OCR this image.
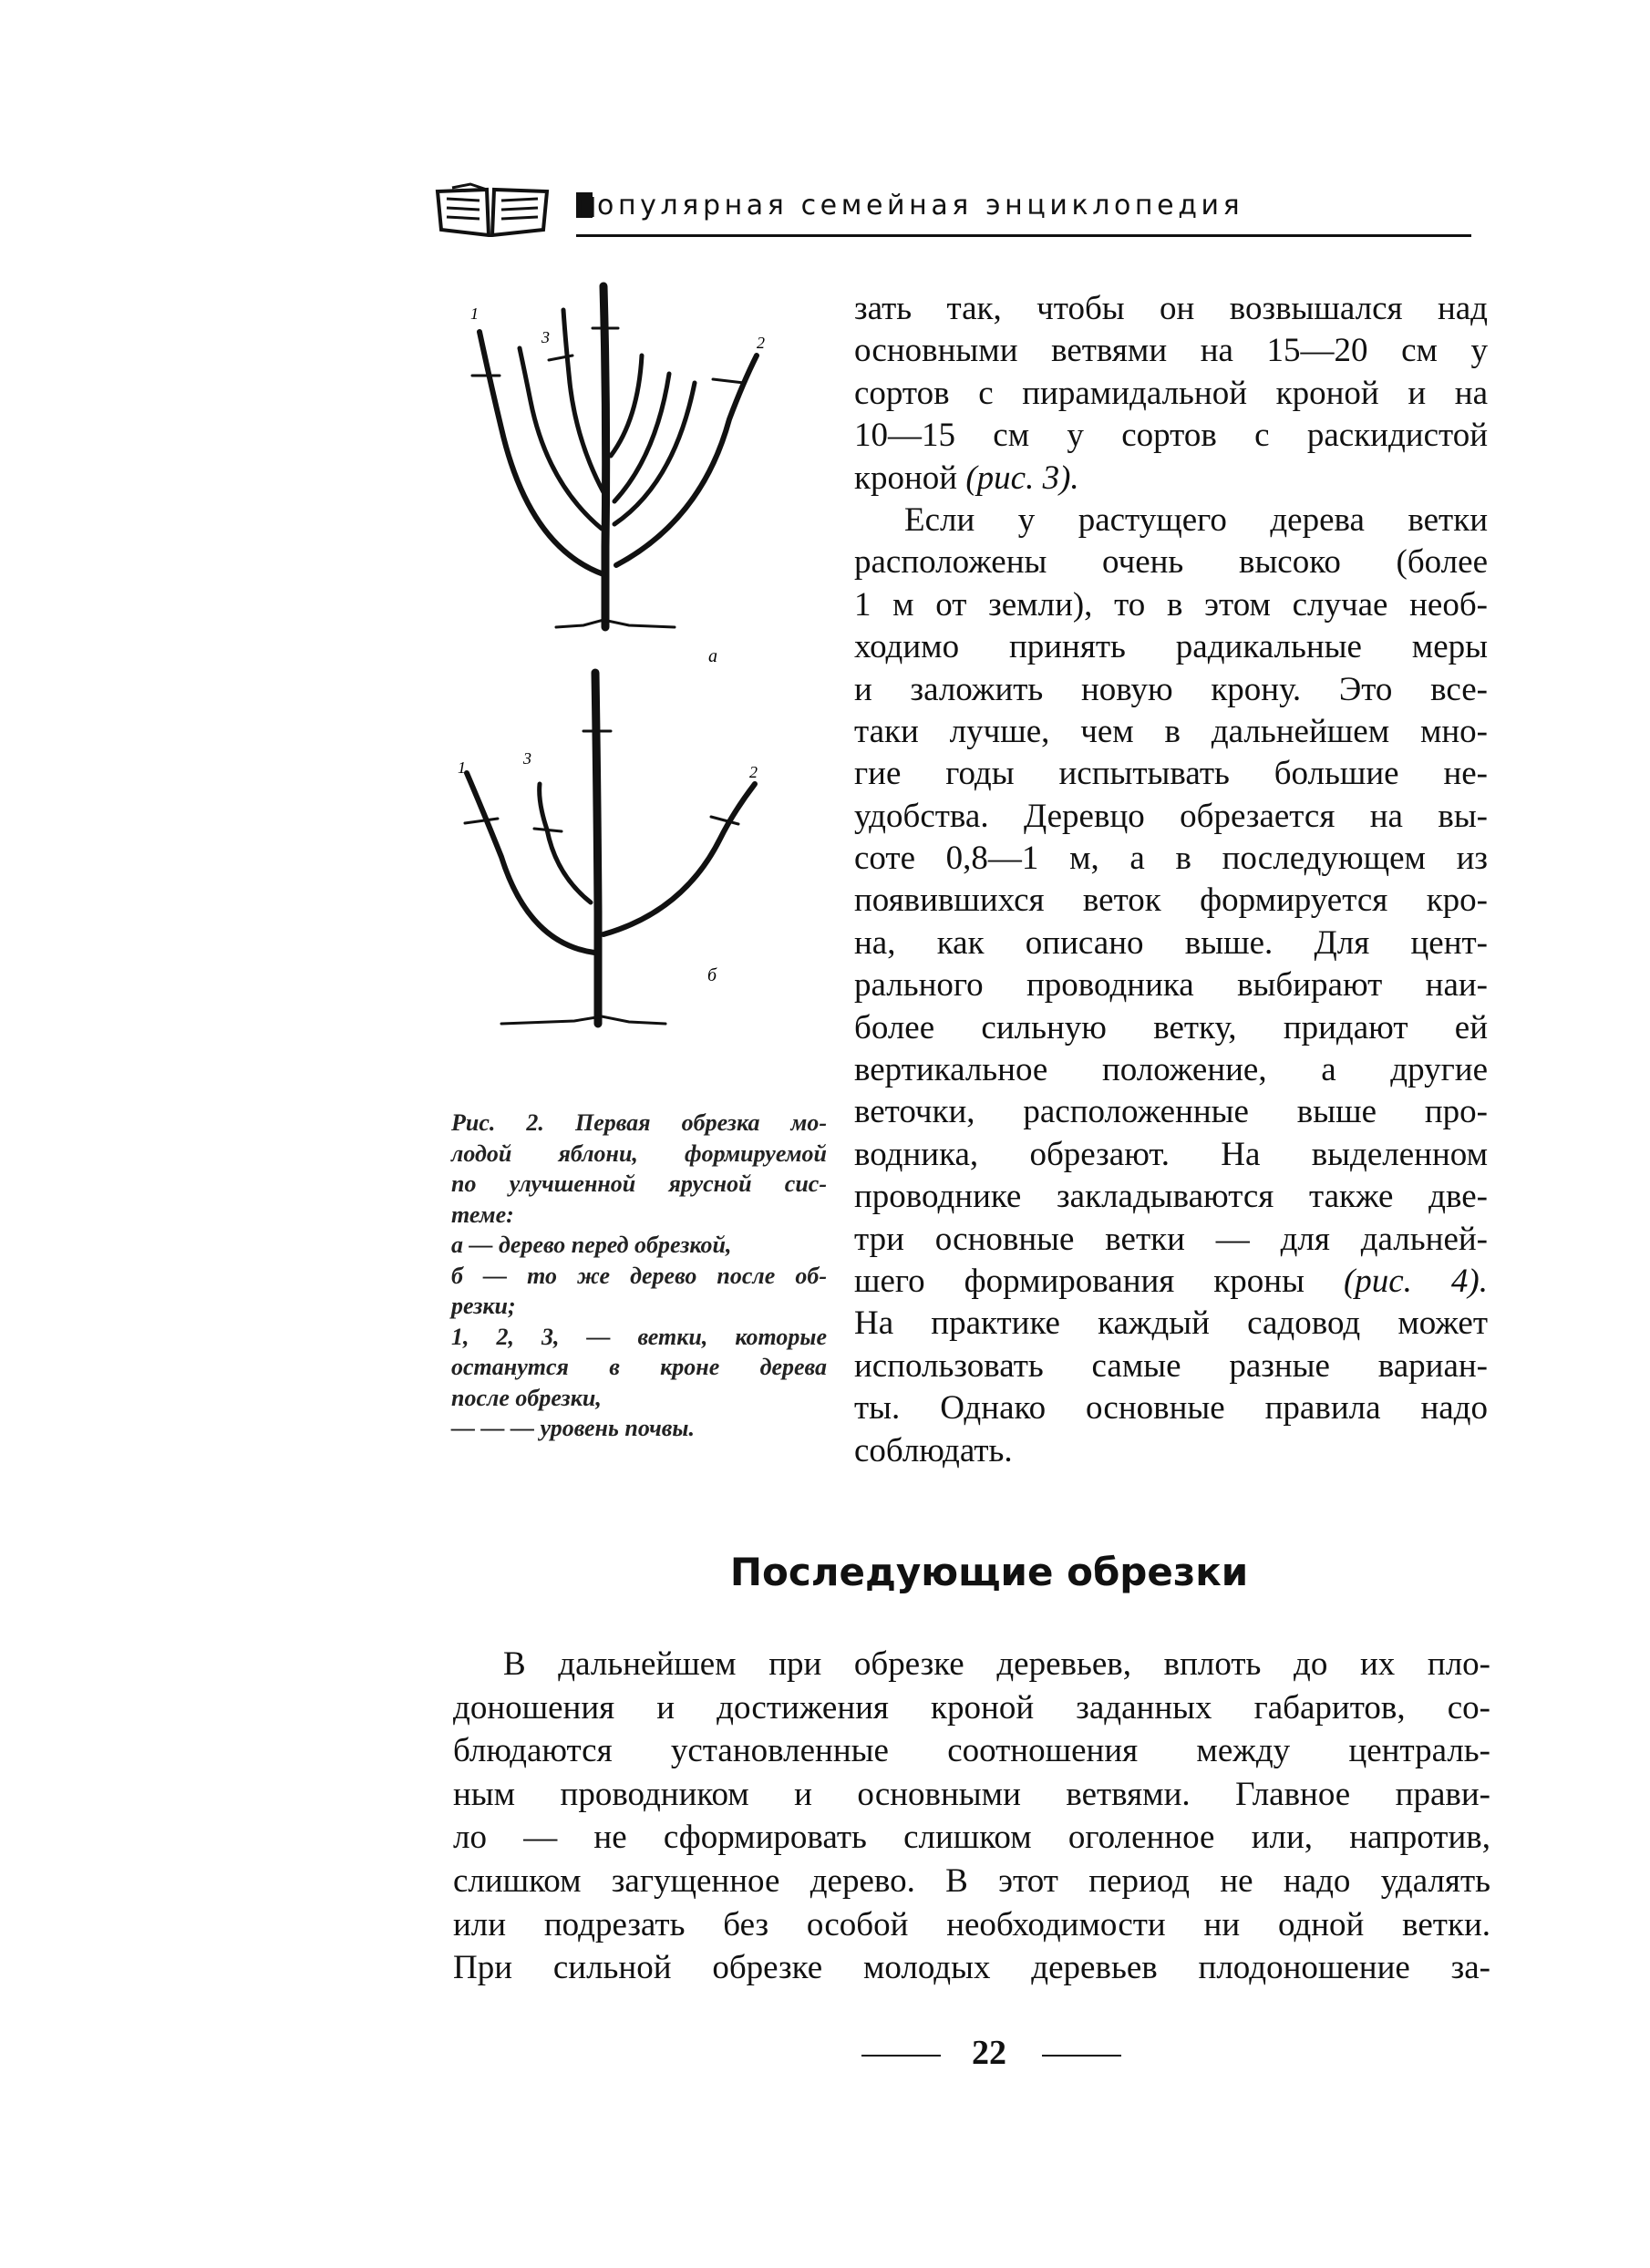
Популярная семейная энциклопедия
3
1
2
а
1	3
2
б
зать так, чтобы он возвышался над
основными ветвями на 15—20 см у
сортов с пирамидальной кроной и на
10—15 см у сортов с раскидистой
кроной (рис. 3).
Если у растущего дерева ветки
расположены очень высоко (более
1 м от земли), то в этом случае необ-
ходимо принять радикальные меры
и заложить новую крону. Это все-
таки лучше, чем в дальнейшем мно-
гие годы испытывать большие не-
удобства. Деревцо обрезается на вы-
соте 0,8—1 м, а в последующем из
появившихся веток формируется кро-
на, как описано выше. Для цент-
рального проводника выбирают наи-
более сильную ветку, придают ей
вертикальное положение, а другие
веточки, расположенные выше про-
водника, обрезают. На выделенном
проводнике закладываются также две-
три основные ветки — для дальней-
шего формирования кроны (рис. 4).
На практике каждый садовод может
использовать самые разные вариан-
ты. Однако основные правила надо
соблюдать.
Рис. 2. Первая обрезка мо-
лодой яблони, формируемой
по улучшенной ярусной сис-
теме:
а — дерево перед обрезкой,
б — то же дерево после об-
резки;
1, 2, 3, — ветки, которые
останутся в кроне дерева
после обрезки,
— — — уровень почвы.
Последующие обрезки
В дальнейшем при обрезке деревьев, вплоть до их пло-
доношения и достижения кроной заданных габаритов, со-
блюдаются установленные соотношения между централь-
ным проводником и основными ветвями. Главное прави-
ло — не сформировать слишком оголенное или, напротив,
слишком загущенное дерево. В этот период не надо удалять
или подрезать без особой необходимости ни одной ветки.
При сильной обрезке молодых деревьев плодоношение за-
22
